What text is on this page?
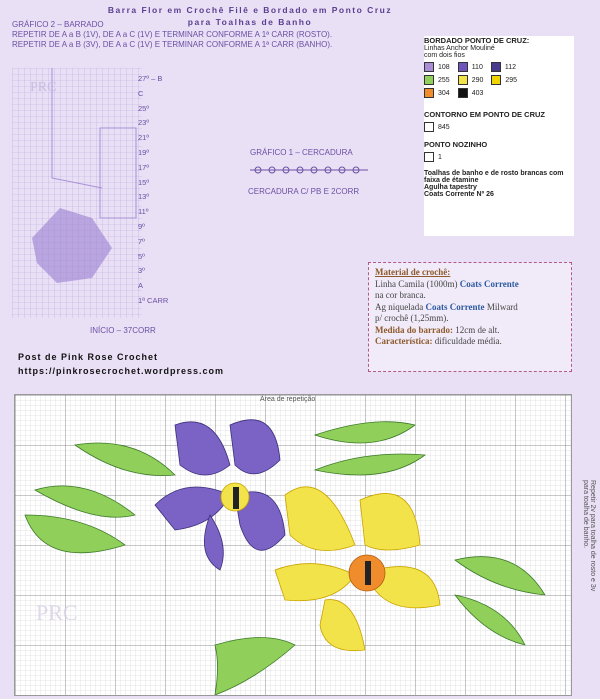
Barra Flor em Crochê Filê e Bordado em Ponto Cruz
para Toalhas de Banho
GRÁFICO 2 – BARRADO
REPETIR DE A a B (1V), DE A a C (1V) E TERMINAR CONFORME A 1ª CARR (ROSTO).
REPETIR DE A a B (3V), DE A a C (1V) E TERMINAR CONFORME A 1ª CARR (BANHO).
PRC
27º – B
C
25º
23º
21º
19º
17º
15º
13º
11º
9º
7º
5º
3º
A
1ª CARR
INÍCIO – 37CORR
GRÁFICO 1 – CERCADURA
CERCADURA C/ PB E 2CORR
BORDADO PONTO DE CRUZ:
Linhas Anchor Mouliné
com dois fios
108	110	112
255	290	295
304	403
CONTORNO EM PONTO DE CRUZ
845
PONTO NOZINHO
1
Toalhas de banho e de rosto brancas com faixa de étamine
Agulha tapestry
Coats Corrente Nº 26
Material de crochê:
Linha Camila (1000m) Coats Corrente
na cor branca.
Ag niquelada Coats Corrente Milward
p/ crochê (1,25mm).
Medida do barrado: 12cm de alt.
Característica: dificuldade média.
Post de Pink Rose Crochet
https://pinkrosecrochet.wordpress.com
Área de repetição
PRC
Repetir 2v para toalha de rosto e 3v para toalha de banho.
